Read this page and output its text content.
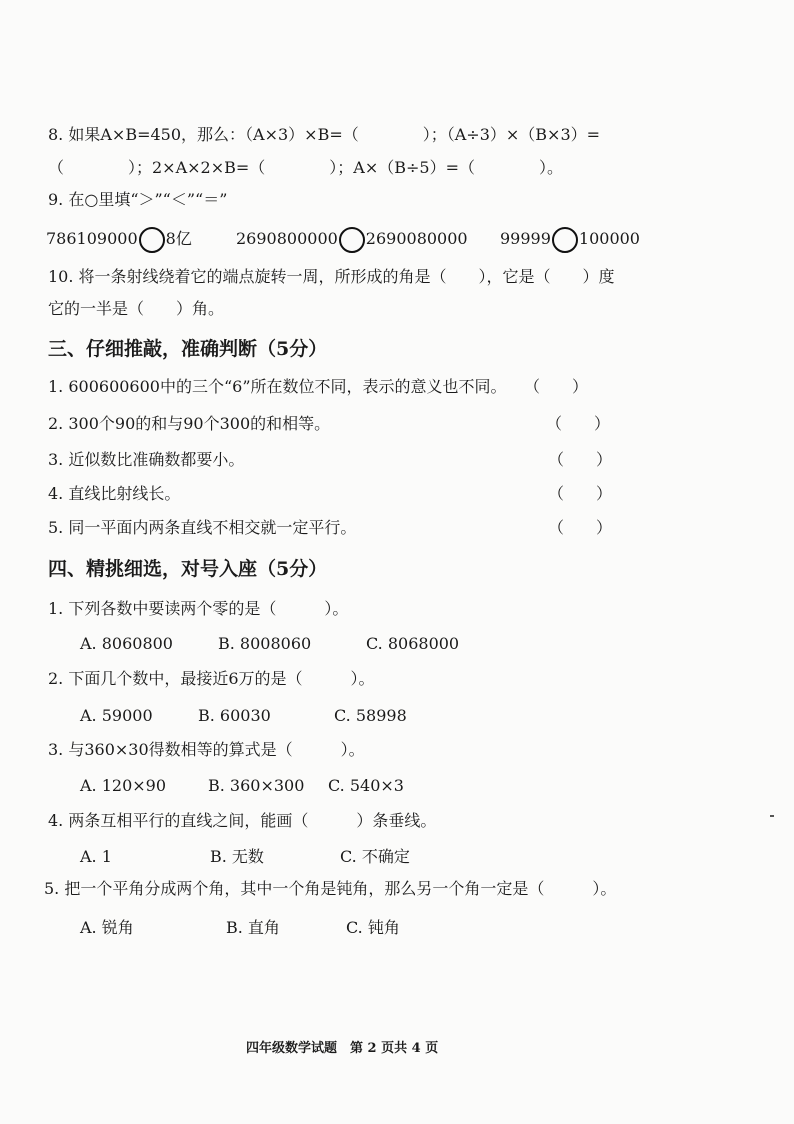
8. 如果A×B=450，那么：（A×3）×B=（　　　　）；（A÷3）×（B×3）=
（　　　　）；2×A×2×B=（　　　　）；A×（B÷5）=（　　　　）。
9. 在○里填“＞”“＜”“＝”
786109000 8亿	2690800000 2690080000 99999 100000
10. 将一条射线绕着它的端点旋转一周，所形成的角是（　　），它是（　　）度
它的一半是（　　）角。
三、仔细推敲，准确判断（5分）
1. 600600600中的三个“6”所在数位不同，表示的意义也不同。 （　　）
2. 300个90的和与90个300的和相等。	（　　）
3. 近似数比准确数都要小。	（　　）
4. 直线比射线长。	（　　）
5. 同一平面内两条直线不相交就一定平行。	（　　）
四、精挑细选，对号入座（5分）
1. 下列各数中要读两个零的是（　　　）。
A. 8060800	B. 8008060	C. 8068000
2. 下面几个数中，最接近6万的是（　　　）。
A. 59000	B. 60030	C. 58998
3. 与360×30得数相等的算式是（　　　）。
A. 120×90	B. 360×300 C. 540×3
4. 两条互相平行的直线之间，能画（　　　）条垂线。
A. 1	B. 无数	C. 不确定
5. 把一个平角分成两个角，其中一个角是钝角，那么另一个角一定是（　　　）。
A. 锐角	B. 直角	C. 钝角
四年级数学试题　第 2 页共 4 页
